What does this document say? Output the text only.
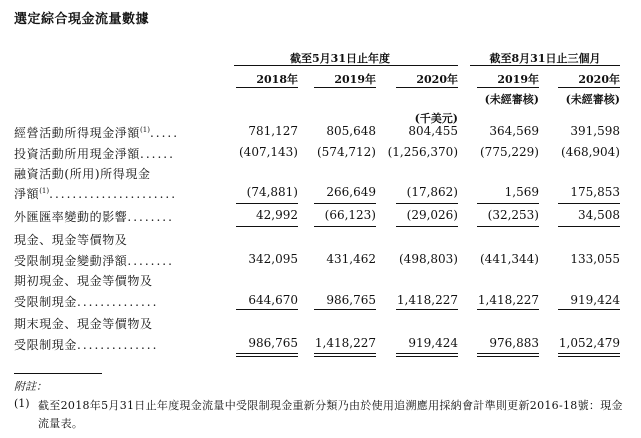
選定綜合現金流量數據
截至5月31日止年度	截至8月31日止三個月
2018年	2019年	2020年	2019年	2020年
(千美元)
(未經審核)	(未經審核)
經營活動所得現金淨額$^{(1)}$.....	781,127	805,648	804,455	364,569	391,598
投資活動所用現金淨額......	(407,143)	(574,712) (1,256,370)	(775,229)	(468,904)
融資活動(所用)所得現金
淨額$^{(1)}$......................	(74,881)	266,649	(17,862)	1,569	175,853
外匯匯率變動的影響........	42,992	(66,123)	(29,026)	(32,253)	34,508
現金、現金等價物及
受限制現金變動淨額........	342,095	431,462	(498,803)	(441,344)	133,055
期初現金、現金等價物及
受限制現金..............	644,670	986,765	1,418,227	1,418,227	919,424
期末現金、現金等價物及
受限制現金..............	986,765	1,418,227	919,424	976,883	1,052,479
附註：
(1) 截至2018年5月31日止年度現金流量中受限制現金重新分類乃由於使用追溯應用採納會計準則更新2016-18號：現金流量表。
